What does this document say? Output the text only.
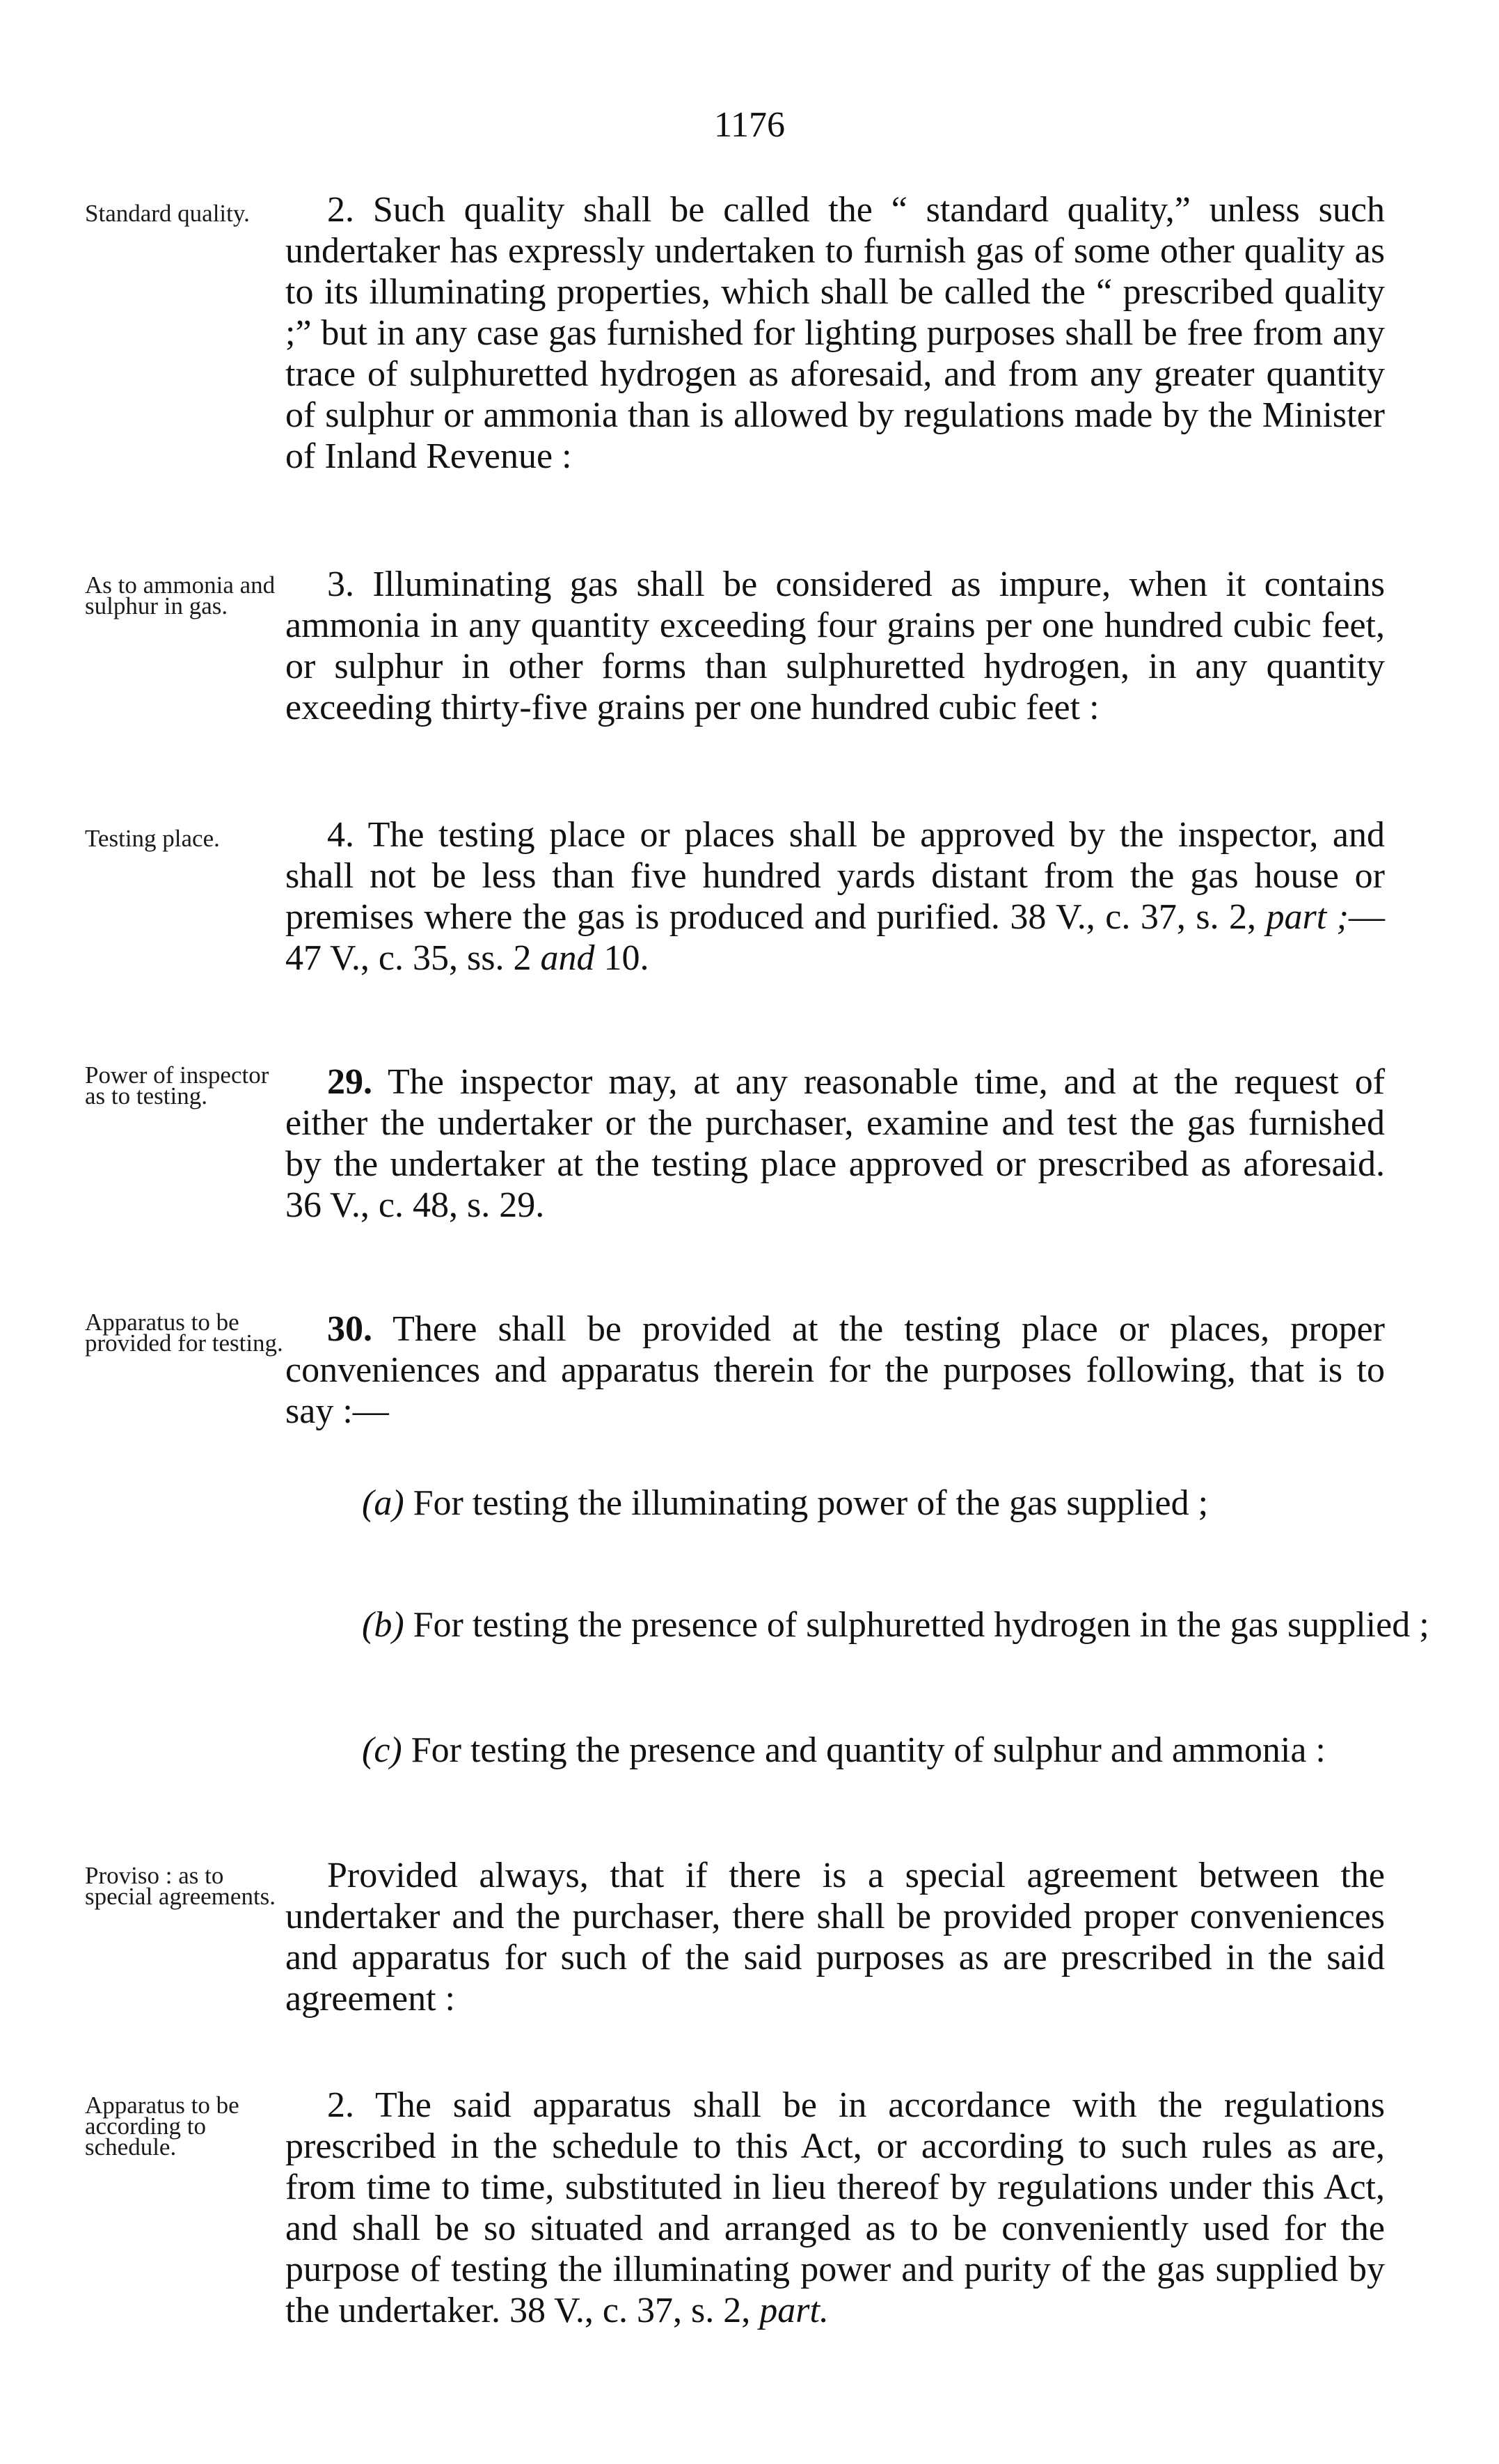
1176
Standard quality.	2. Such quality shall be called the “ standard quality,” unless such undertaker has expressly undertaken to furnish gas of some other quality as to its illuminating properties, which shall be called the “ prescribed quality ;” but in any case gas furnished for lighting purposes shall be free from any trace of sulphuretted hydrogen as aforesaid, and from any greater quantity of sulphur or ammonia than is allowed by regulations made by the Minister of Inland Revenue :
As to ammonia and sulphur in gas.
3. Illuminating gas shall be considered as impure, when it contains ammonia in any quantity exceeding four grains per one hundred cubic feet, or sulphur in other forms than sulphuretted hydrogen, in any quantity exceeding thirty-five grains per one hundred cubic feet :
Testing place.	4. The testing place or places shall be approved by the inspector, and shall not be less than five hundred yards distant from the gas house or premises where the gas is produced and purified. 38 V., c. 37, s. 2, part ;—47 V., c. 35, ss. 2 and 10.
Power of inspector as to testing.	29. The inspector may, at any reasonable time, and at the request of either the undertaker or the purchaser, examine and test the gas furnished by the undertaker at the testing place approved or prescribed as aforesaid. 36 V., c. 48, s. 29.
Apparatus to be provided for testing.	30. There shall be provided at the testing place or places, proper conveniences and apparatus therein for the purposes following, that is to say :—
(a) For testing the illuminating power of the gas supplied ;
(b) For testing the presence of sulphuretted hydrogen in the gas supplied ;
(c) For testing the presence and quantity of sulphur and ammonia :
Proviso : as to special agreements.
Provided always, that if there is a special agreement between the undertaker and the purchaser, there shall be provided proper conveniences and apparatus for such of the said purposes as are prescribed in the said agreement :
Apparatus to be according to schedule.
2. The said apparatus shall be in accordance with the regulations prescribed in the schedule to this Act, or according to such rules as are, from time to time, substituted in lieu thereof by regulations under this Act, and shall be so situated and arranged as to be conveniently used for the purpose of testing the illuminating power and purity of the gas supplied by the undertaker. 38 V., c. 37, s. 2, part.
